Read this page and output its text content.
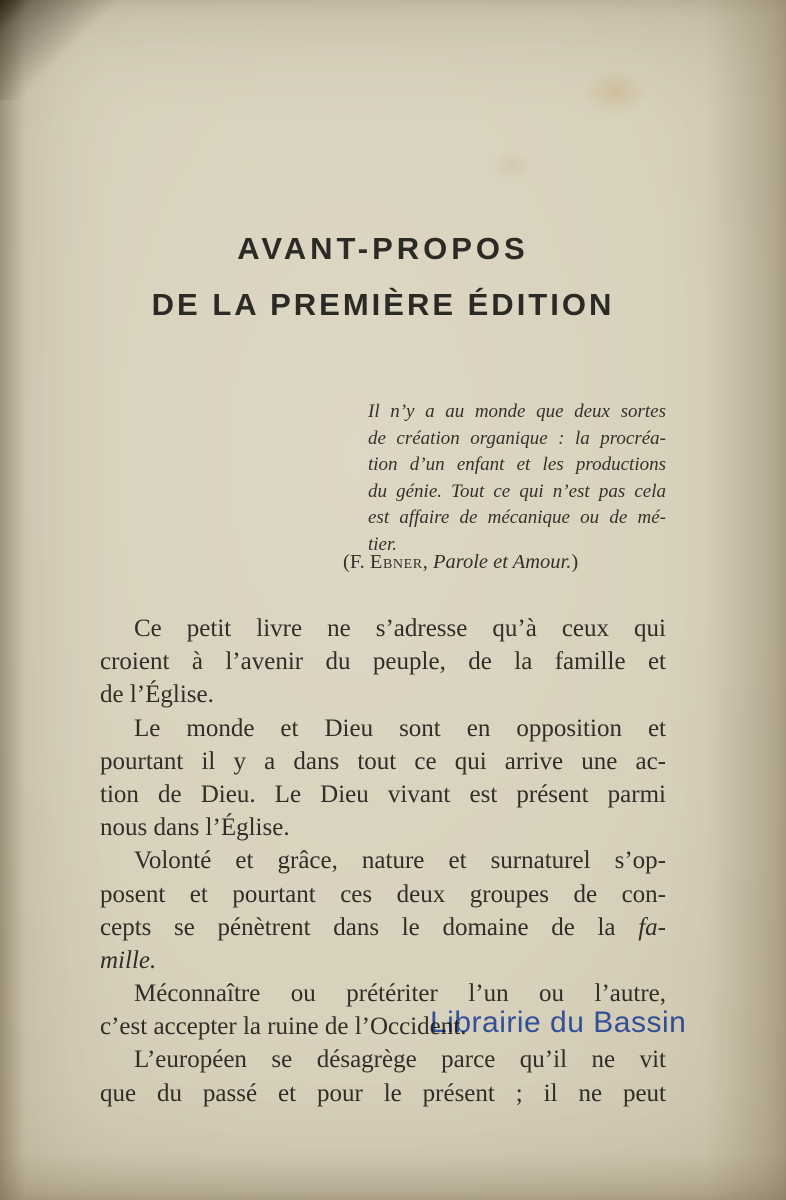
AVANT-PROPOS
DE LA PREMIÈRE ÉDITION
Il n’y a au monde que deux sortes
de création organique : la procréa-
tion d’un enfant et les productions
du génie. Tout ce qui n’est pas cela
est affaire de mécanique ou de mé-
tier.
(F. Ebner, Parole et Amour.)
Ce petit livre ne s’adresse qu’à ceux qui
croient à l’avenir du peuple, de la famille et
de l’Église.
Le monde et Dieu sont en opposition et
pourtant il y a dans tout ce qui arrive une ac-
tion de Dieu. Le Dieu vivant est présent parmi
nous dans l’Église.
Volonté et grâce, nature et surnaturel s’op-
posent et pourtant ces deux groupes de con-
cepts se pénètrent dans le domaine de la fa-
mille.
Méconnaître ou prétériter l’un ou l’autre,
c’est accepter la ruine de l’Occident.
L’européen se désagrège parce qu’il ne vit
que du passé et pour le présent ; il ne peut
Librairie du Bassin
